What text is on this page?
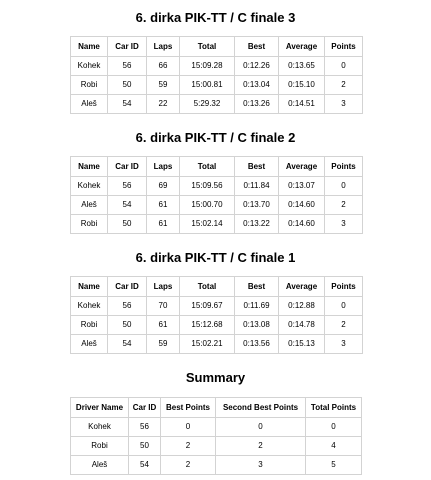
6. dirka PIK-TT / C finale 3
Name	Car ID	Laps	Total	Best	Average	Points
Kohek	56	66	15:09.28	0:12.26	0:13.65	0
Robi	50	59	15:00.81	0:13.04	0:15.10	2
Aleš	54	22	5:29.32	0:13.26	0:14.51	3
6. dirka PIK-TT / C finale 2
Name	Car ID	Laps	Total	Best	Average	Points
Kohek	56	69	15:09.56	0:11.84	0:13.07	0
Aleš	54	61	15:00.70	0:13.70	0:14.60	2
Robi	50	61	15:02.14	0:13.22	0:14.60	3
6. dirka PIK-TT / C finale 1
Name	Car ID	Laps	Total	Best	Average	Points
Kohek	56	70	15:09.67	0:11.69	0:12.88	0
Robi	50	61	15:12.68	0:13.08	0:14.78	2
Aleš	54	59	15:02.21	0:13.56	0:15.13	3
Summary
Driver Name	Car ID	Best Points	Second Best Points	Total Points
Kohek	56	0	0	0
Robi	50	2	2	4
Aleš	54	2	3	5
